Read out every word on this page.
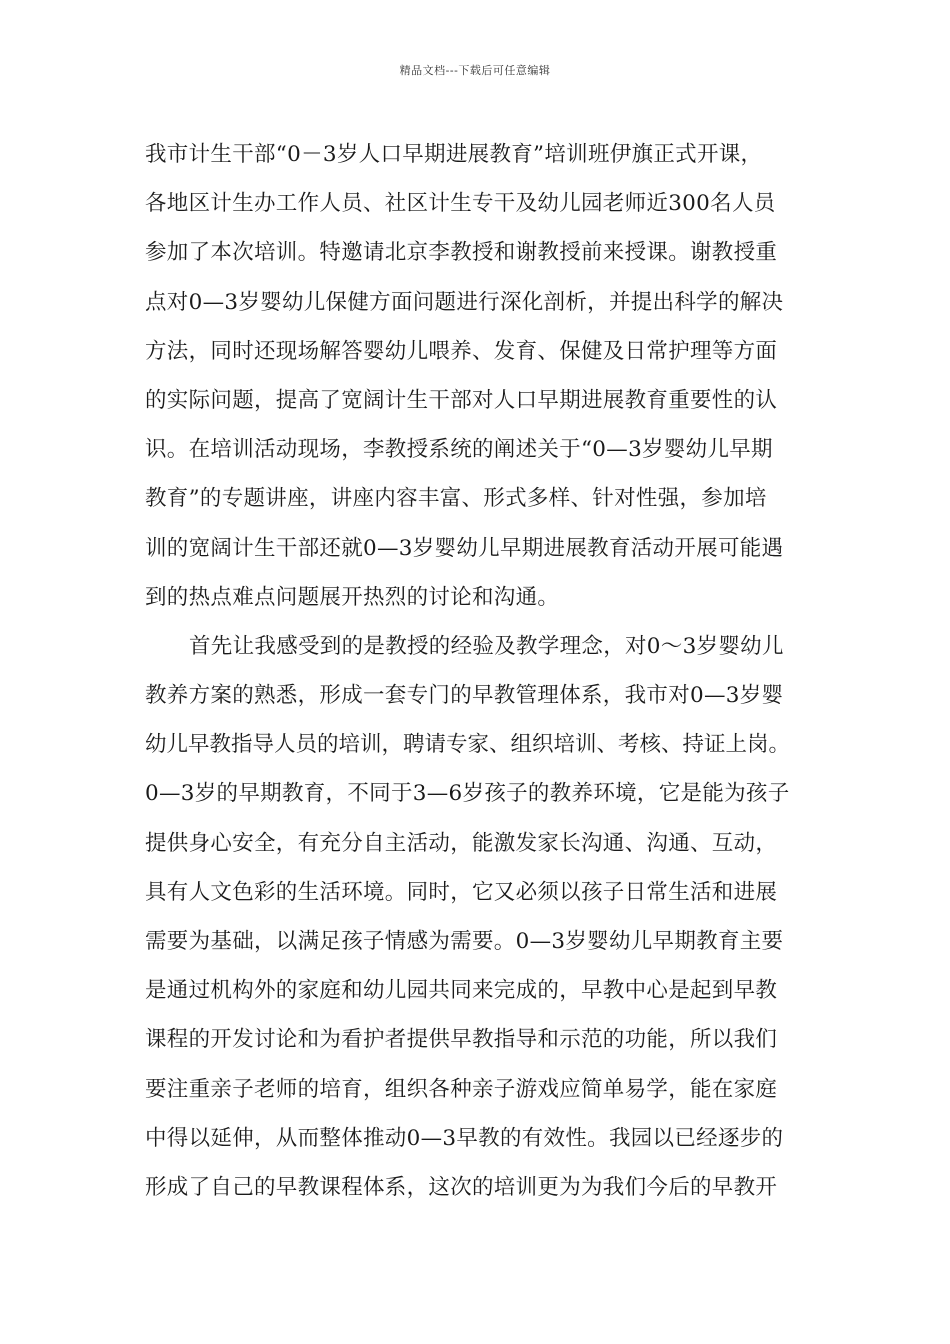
精品文档---下载后可任意编辑
我市计生干部“0－3岁人口早期进展教育”培训班伊旗正式开课，
各地区计生办工作人员、社区计生专干及幼儿园老师近300名人员
参加了本次培训。特邀请北京李教授和谢教授前来授课。谢教授重
点对0—3岁婴幼儿保健方面问题进行深化剖析，并提出科学的解决
方法，同时还现场解答婴幼儿喂养、发育、保健及日常护理等方面
的实际问题，提高了宽阔计生干部对人口早期进展教育重要性的认
识。在培训活动现场，李教授系统的阐述关于“0—3岁婴幼儿早期
教育”的专题讲座，讲座内容丰富、形式多样、针对性强，参加培
训的宽阔计生干部还就0—3岁婴幼儿早期进展教育活动开展可能遇
到的热点难点问题展开热烈的讨论和沟通。
首先让我感受到的是教授的经验及教学理念，对0～3岁婴幼儿
教养方案的熟悉，形成一套专门的早教管理体系，我市对0—3岁婴
幼儿早教指导人员的培训，聘请专家、组织培训、考核、持证上岗。
0—3岁的早期教育，不同于3—6岁孩子的教养环境，它是能为孩子
提供身心安全，有充分自主活动，能激发家长沟通、沟通、互动，
具有人文色彩的生活环境。同时，它又必须以孩子日常生活和进展
需要为基础，以满足孩子情感为需要。0—3岁婴幼儿早期教育主要
是通过机构外的家庭和幼儿园共同来完成的，早教中心是起到早教
课程的开发讨论和为看护者提供早教指导和示范的功能，所以我们
要注重亲子老师的培育，组织各种亲子游戏应简单易学，能在家庭
中得以延伸，从而整体推动0—3早教的有效性。我园以已经逐步的
形成了自己的早教课程体系，这次的培训更为为我们今后的早教开
